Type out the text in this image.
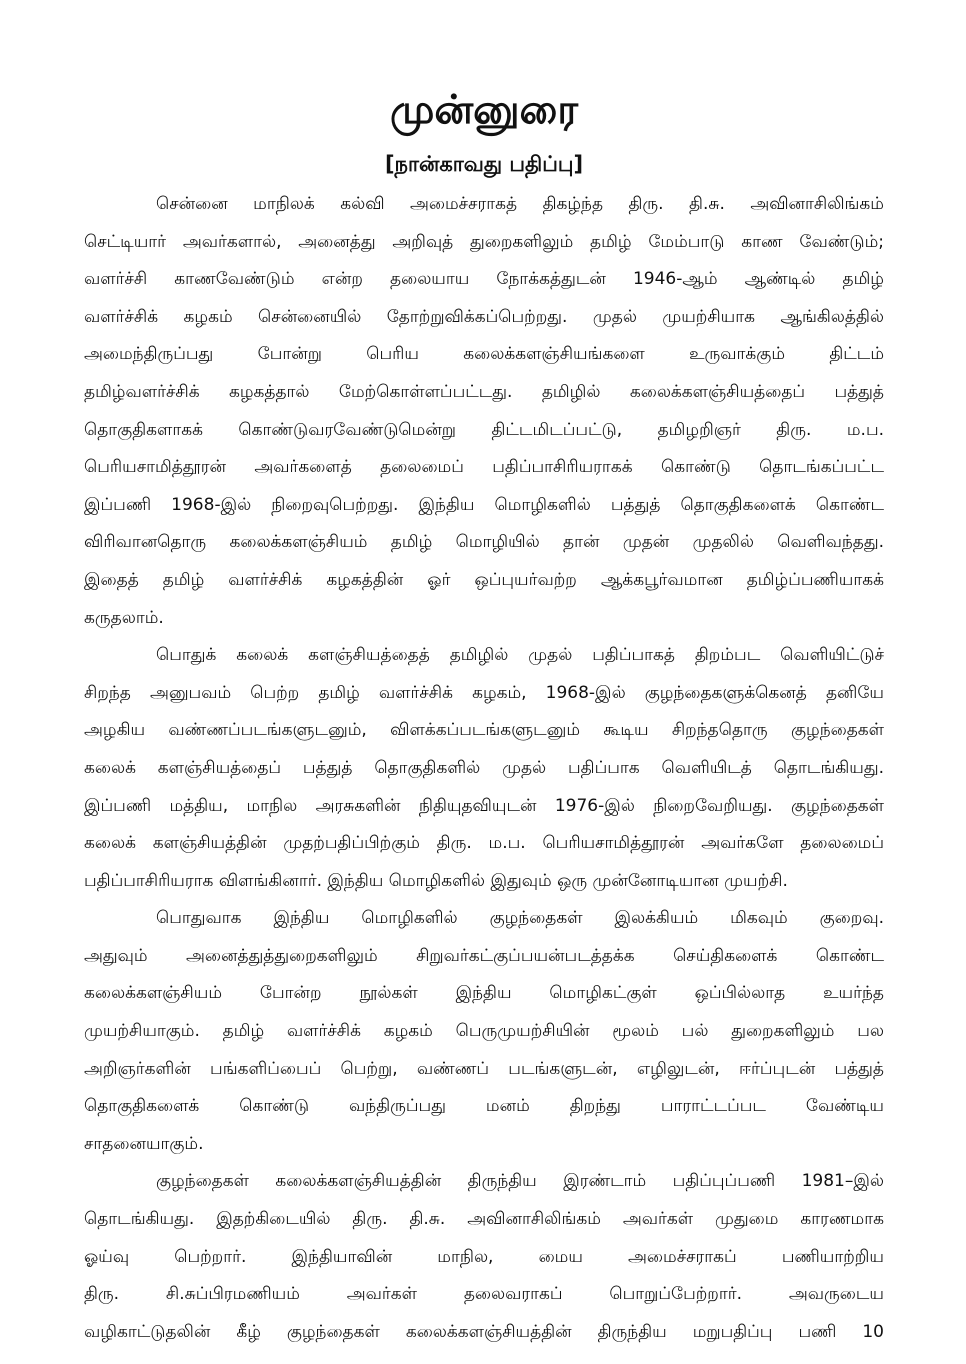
முன்னுரை
[நான்காவது பதிப்பு]
சென்னை மாநிலக் கல்வி அமைச்சராகத் திகழ்ந்த திரு. தி.சு. அவினாசிலிங்கம்
செட்டியார் அவர்களால், அனைத்து அறிவுத் துறைகளிலும் தமிழ் மேம்பாடு காண வேண்டும்;
வளர்ச்சி காணவேண்டும் என்ற தலையாய நோக்கத்துடன் 1946-ஆம் ஆண்டில் தமிழ்
வளர்ச்சிக் கழகம் சென்னையில் தோற்றுவிக்கப்பெற்றது. முதல் முயற்சியாக ஆங்கிலத்தில்
அமைந்திருப்பது போன்று பெரிய கலைக்களஞ்சியங்களை உருவாக்கும் திட்டம்
தமிழ்வளர்ச்சிக் கழகத்தால் மேற்கொள்ளப்பட்டது. தமிழில் கலைக்களஞ்சியத்தைப் பத்துத்
தொகுதிகளாகக் கொண்டுவரவேண்டுமென்று திட்டமிடப்பட்டு, தமிழறிஞர் திரு. ம.ப.
பெரியசாமித்தூரன் அவர்களைத் தலைமைப் பதிப்பாசிரியராகக் கொண்டு தொடங்கப்பட்ட
இப்பணி 1968-இல் நிறைவுபெற்றது. இந்திய மொழிகளில் பத்துத் தொகுதிகளைக் கொண்ட
விரிவானதொரு கலைக்களஞ்சியம் தமிழ் மொழியில் தான் முதன் முதலில் வெளிவந்தது.
இதைத் தமிழ் வளர்ச்சிக் கழகத்தின் ஓர் ஒப்புயர்வற்ற ஆக்கபூர்வமான தமிழ்ப்பணியாகக்
கருதலாம்.
பொதுக் கலைக் களஞ்சியத்தைத் தமிழில் முதல் பதிப்பாகத் திறம்பட வெளியிட்டுச்
சிறந்த அனுபவம் பெற்ற தமிழ் வளர்ச்சிக் கழகம், 1968-இல் குழந்தைகளுக்கெனத் தனியே
அழகிய வண்ணப்படங்களுடனும், விளக்கப்படங்களுடனும் கூடிய சிறந்ததொரு குழந்தைகள்
கலைக் களஞ்சியத்தைப் பத்துத் தொகுதிகளில் முதல் பதிப்பாக வெளியிடத் தொடங்கியது.
இப்பணி மத்திய, மாநில அரசுகளின் நிதியுதவியுடன் 1976-இல் நிறைவேறியது. குழந்தைகள்
கலைக் களஞ்சியத்தின் முதற்பதிப்பிற்கும் திரு. ம.ப. பெரியசாமித்தூரன் அவர்களே தலைமைப்
பதிப்பாசிரியராக விளங்கினார். இந்திய மொழிகளில் இதுவும் ஒரு முன்னோடியான முயற்சி.
பொதுவாக இந்திய மொழிகளில் குழந்தைகள் இலக்கியம் மிகவும் குறைவு.
அதுவும் அனைத்துத்துறைகளிலும் சிறுவர்கட்குப்பயன்படத்தக்க செய்திகளைக் கொண்ட
கலைக்களஞ்சியம் போன்ற நூல்கள் இந்திய மொழிகட்குள் ஒப்பில்லாத உயர்ந்த
முயற்சியாகும். தமிழ் வளர்ச்சிக் கழகம் பெருமுயற்சியின் மூலம் பல் துறைகளிலும் பல
அறிஞர்களின் பங்களிப்பைப் பெற்று, வண்ணப் படங்களுடன், எழிலுடன், ஈர்ப்புடன் பத்துத்
தொகுதிகளைக் கொண்டு வந்திருப்பது மனம் திறந்து பாராட்டப்பட வேண்டிய
சாதனையாகும்.
குழந்தைகள் கலைக்களஞ்சியத்தின் திருந்திய இரண்டாம் பதிப்புப்பணி 1981–இல்
தொடங்கியது. இதற்கிடையில் திரு. தி.சு. அவினாசிலிங்கம் அவர்கள் முதுமை காரணமாக
ஓய்வு பெற்றார். இந்தியாவின் மாநில, மைய அமைச்சராகப் பணியாற்றிய
திரு. சி.சுப்பிரமணியம் அவர்கள் தலைவராகப் பொறுப்பேற்றார். அவருடைய
வழிகாட்டுதலின் கீழ் குழந்தைகள் கலைக்களஞ்சியத்தின் திருந்திய மறுபதிப்பு பணி 10
